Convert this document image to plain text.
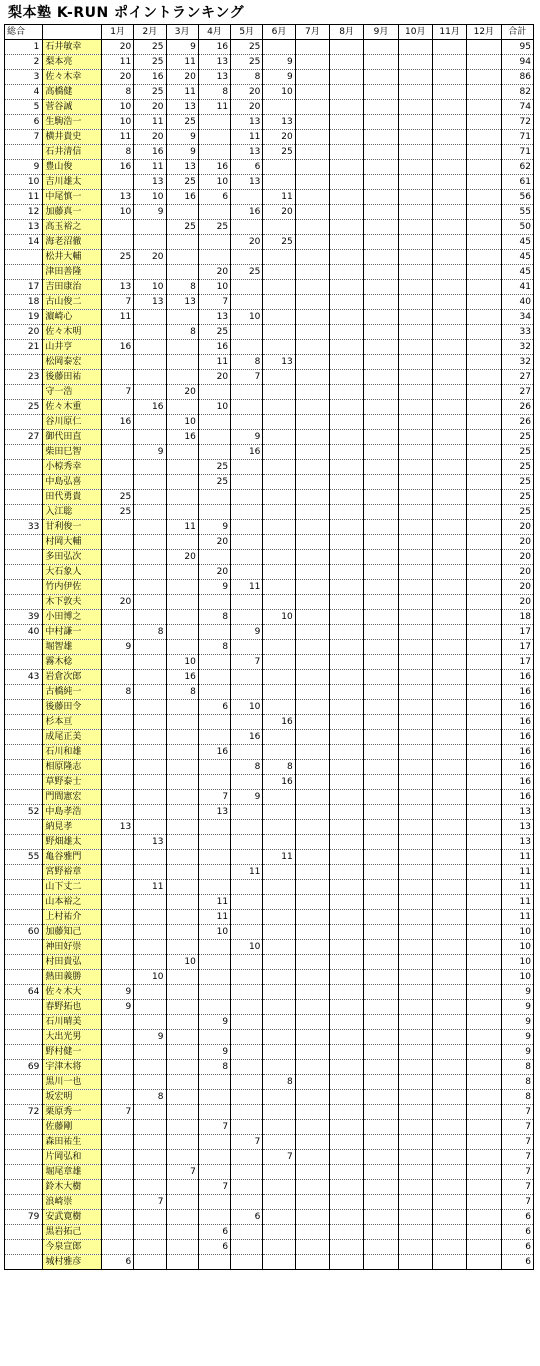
梨本塾 K-RUN ポイントランキング
総合		1月	2月	3月	4月	5月	6月	7月	8月	9月	10月	11月	12月	合計
1	石井敏幸	20	25	9	16	25								95
2	梨本亮	11	25	11	13	25	9							94
3	佐々木幸	20	16	20	13	8	9							86
4	高橋健	8	25	11	8	20	10							82
5	菅谷誠	10	20	13	11	20								74
6	生駒浩一	10	11	25		13	13							72
7	横井貴史	11	20	9		11	20							71
	石井清信	8	16	9		13	25							71
9	豊山俊	16	11	13	16	6								62
10	吉川雄太		13	25	10	13								61
11	中尾慎一	13	10	16	6		11							56
12	加藤真一	10	9			16	20							55
13	高玉裕之			25	25									50
14	海老沼徹					20	25							45
	松井大輔	25	20											45
	津田善隆				20	25								45
17	吉田康治	13	10	8	10									41
18	古山俊二	7	13	13	7									40
19	濵崎心	11			13	10								34
20	佐々木明			8	25									33
21	山井亨	16			16									32
	松岡泰宏				11	8	13							32
23	後藤田祐				20	7								27
	守一浩	7		20										27
25	佐々木重		16		10									26
	谷川原仁	16		10										26
27	御代田直			16		9								25
	柴田巳智		9			16								25
	小椋秀幸				25									25
	中島弘喜				25									25
	田代勇貴	25												25
	入江聡	25												25
33	甘利俊一			11	9									20
	村岡大輔				20									20
	多田弘次			20										20
	大石象人				20									20
	竹内伊佐				9	11								20
	木下敦夫	20												20
39	小田博之				8		10							18
40	中村謙一		8			9								17
	堀智雄	9			8									17
	霧木稔			10		7								17
43	岩倉次郎			16										16
	古橋純一	8		8										16
	後藤田令				6	10								16
	杉本亘						16							16
	成尾正美					16								16
	石川和雄				16									16
	相原隆志					8	8							16
	草野泰士						16							16
	門間憲宏				7	9								16
52	中島孝浩				13									13
	納見孝	13												13
	野畑雄太		13											13
55	亀谷雅門						11							11
	宮野裕章					11								11
	山下丈二		11											11
	山本裕之				11									11
	上村祐介				11									11
60	加藤知己				10									10
	神田好崇					10								10
	村田貴弘			10										10
	熱田義勝		10											10
64	佐々木大	9												9
	春野拓也	9												9
	石川晴美				9									9
	大出光男		9											9
	野村健一				9									9
69	宇津木将				8									8
	黒川一也						8							8
	坂宏明		8											8
72	栗原秀一	7												7
	佐藤剛				7									7
	森田祐生					7								7
	片岡弘和						7							7
	堀尾章雄			7										7
	鈴木大樹				7									7
	浪崎崇		7											7
79	安武寛樹					6								6
	黒岩拓己				6									6
	今泉宣郎				6									6
	城村雅彦	6												6
